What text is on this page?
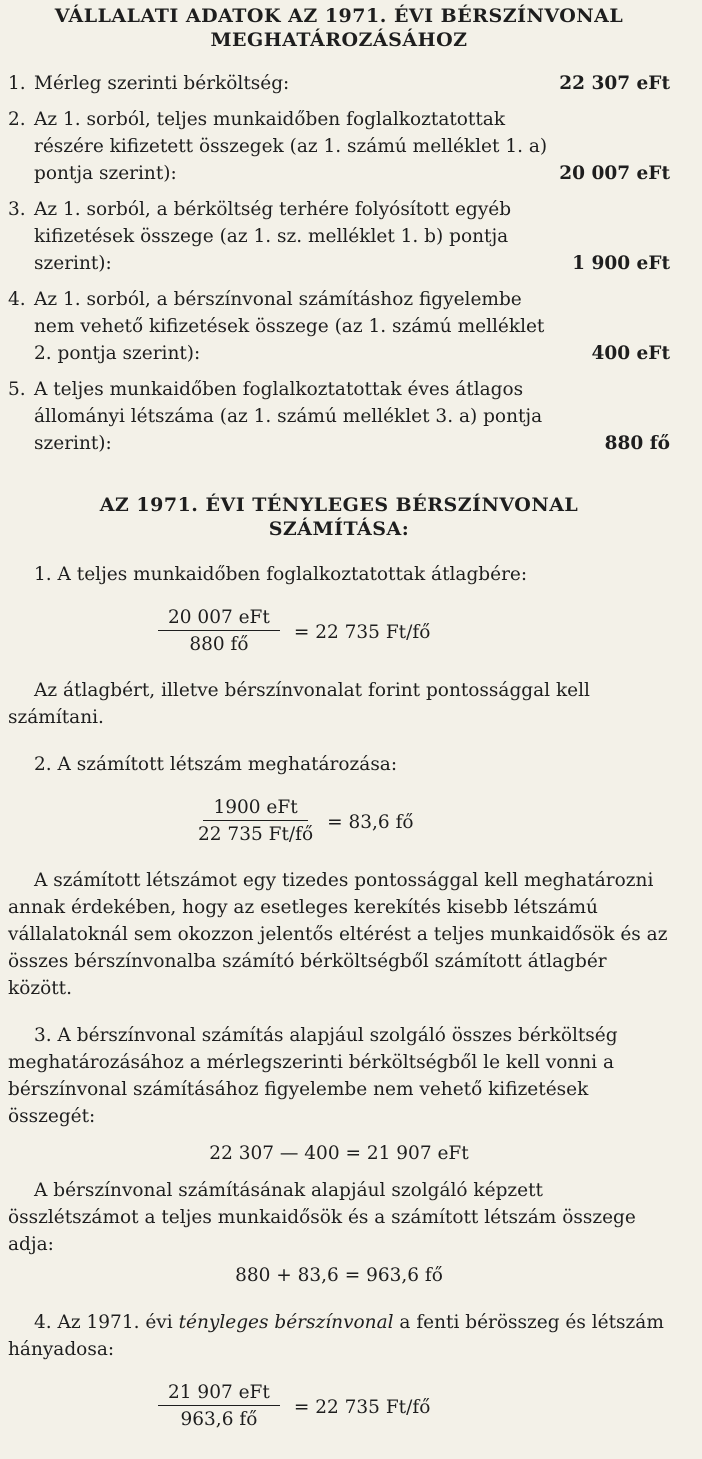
VÁLLALATI ADATOK AZ 1971. ÉVI BÉRSZÍNVONAL
MEGHATÁROZÁSÁHOZ
1. Mérleg szerinti bérköltség:	22 307 eFt
2. Az 1. sorból, teljes munkaidőben foglalkoztatottak részére kifizetett összegek (az 1. számú melléklet 1. a) pontja szerint):	20 007 eFt
3. Az 1. sorból, a bérköltség terhére folyósított egyéb kifizetések összege (az 1. sz. melléklet 1. b) pontja szerint):	1 900 eFt
4. Az 1. sorból, a bérszínvonal számításhoz figyelembe nem vehető kifizetések összege (az 1. számú melléklet 2. pontja szerint):	400 eFt
5. A teljes munkaidőben foglalkoztatottak éves átlagos állományi létszáma (az 1. számú melléklet 3. a) pontja szerint):	880 fő
AZ 1971. ÉVI TÉNYLEGES BÉRSZÍNVONAL
SZÁMÍTÁSA:

1. A teljes munkaidőben foglalkoztatottak átlagbére:

$\frac{\text{20 007 eFt}}{880 fő} = 22$ 735 Ft/fő

Az átlagbért, illetve bérszínvonalat forint pontossággal kell számítani.

2. A számított létszám meghatározása:

$\frac{\text{1900 eFt}}{22 735 Ft/fő} = 83,6$ fő

A számított létszámot egy tizedes pontossággal kell meghatározni annak érdekében, hogy az esetleges kerekítés kisebb létszámú vállalatoknál sem okozzon jelentős eltérést a teljes munkaidősök és az összes bérszínvonalba számító bérköltségből számított átlagbér között.

3. A bérszínvonal számítás alapjául szolgáló összes bérköltség meghatározásához a mérlegszerinti bérköltségből le kell vonni a bérszínvonal számításához figyelembe nem vehető kifizetések összegét:

22 307 — 400 = 21 907 eFt

A bérszínvonal számításának alapjául szolgáló képzett összlétszámot a teljes munkaidősök és a számított létszám összege adja:

880 + 83,6 = 963,6 fő

4. Az 1971. évi tényleges bérszínvonal a fenti bérösszeg és létszám hányadosa:

$\frac{\text{21 907 eFt}}{963,6 fő} = 22$ 735 Ft/fő
